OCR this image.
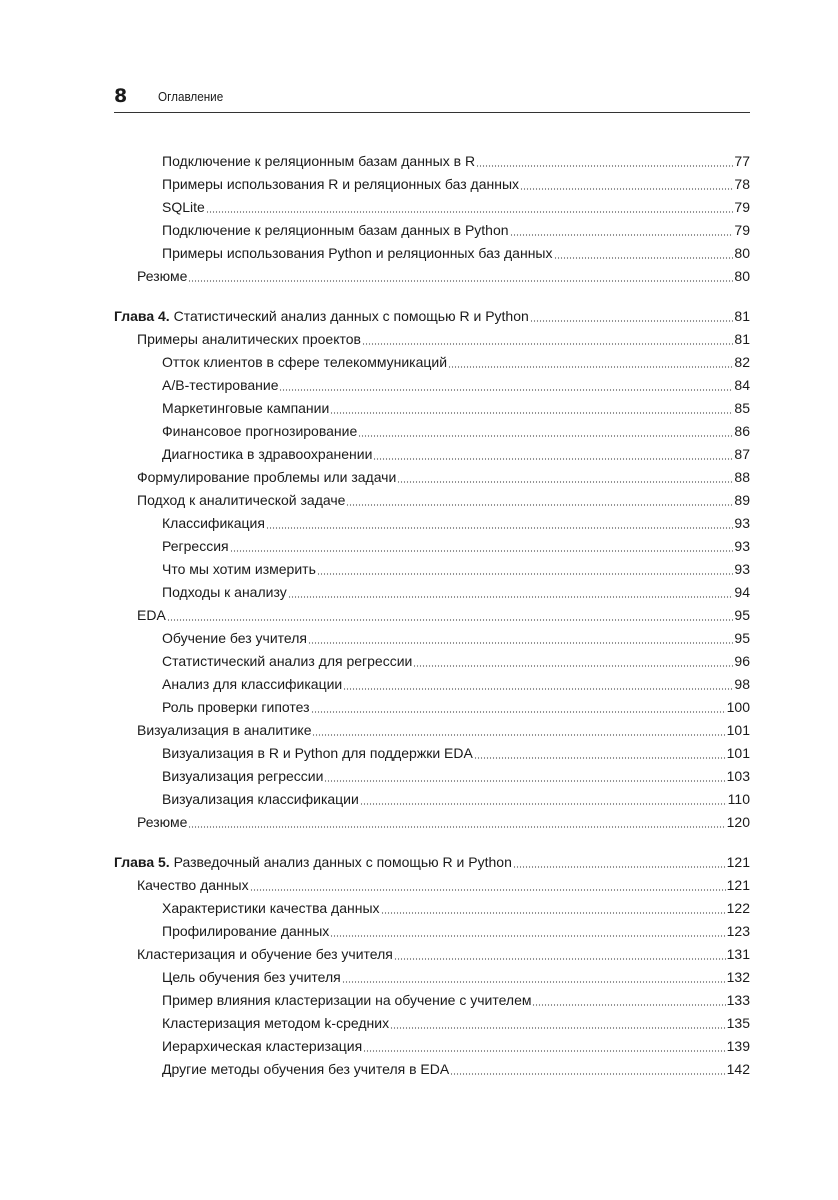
8 Оглавление
Подключение к реляционным базам данных в R	77
Примеры использования R и реляционных баз данных	78
SQLite	79
Подключение к реляционным базам данных в Python	79
Примеры использования Python и реляционных баз данных	80
Резюме	80
Глава 4. Статистический анализ данных с помощью R и Python	81
Примеры аналитических проектов	81
Отток клиентов в сфере телекоммуникаций	82
A/B-тестирование	84
Маркетинговые кампании	85
Финансовое прогнозирование	86
Диагностика в здравоохранении	87
Формулирование проблемы или задачи	88
Подход к аналитической задаче	89
Классификация	93
Регрессия	93
Что мы хотим измерить	93
Подходы к анализу	94
EDA	95
Обучение без учителя	95
Статистический анализ для регрессии	96
Анализ для классификации	98
Роль проверки гипотез	100
Визуализация в аналитике	101
Визуализация в R и Python для поддержки EDA	101
Визуализация регрессии	103
Визуализация классификации	110
Резюме	120
Глава 5. Разведочный анализ данных с помощью R и Python	121
Качество данных	121
Характеристики качества данных	122
Профилирование данных	123
Кластеризация и обучение без учителя	131
Цель обучения без учителя	132
Пример влияния кластеризации на обучение с учителем	133
Кластеризация методом k-средних	135
Иерархическая кластеризация	139
Другие методы обучения без учителя в EDA	142
